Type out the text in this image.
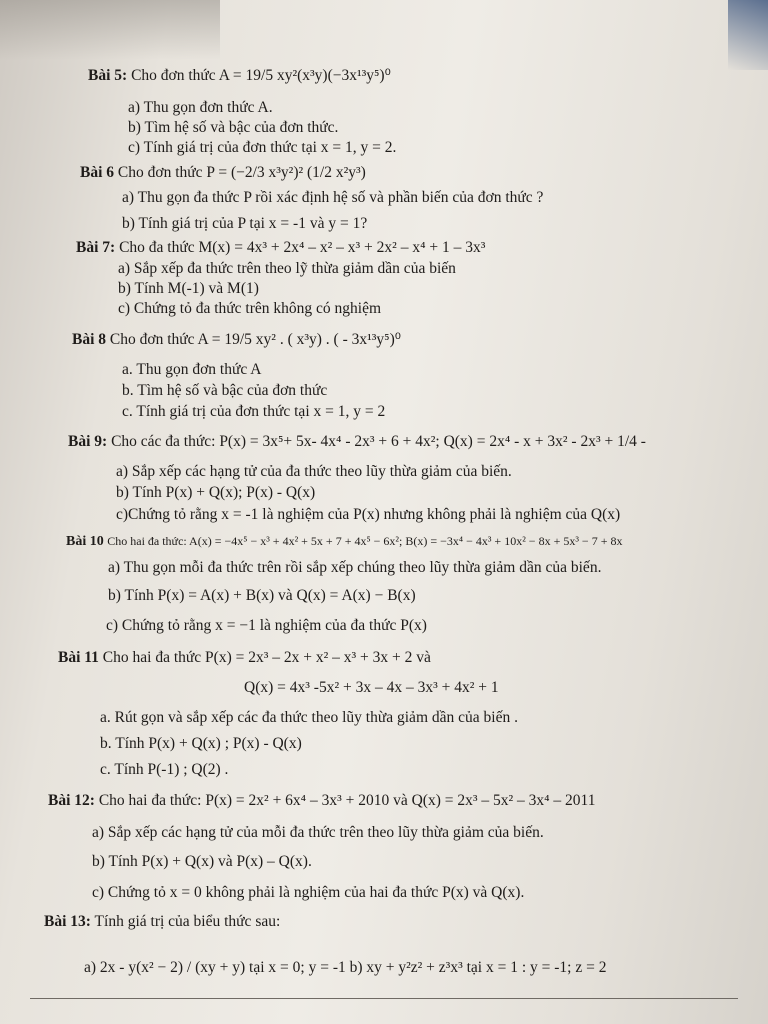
Bài 5: Cho đơn thức A = 19/5 xy²(x³y)(−3x¹³y⁵)⁰
a) Thu gọn đơn thức A.
b) Tìm hệ số và bậc của đơn thức.
c) Tính giá trị của đơn thức tại x = 1, y = 2.
Bài 6 Cho đơn thức P = (−2/3 x³y²)² (1/2 x²y³)
a) Thu gọn đa thức P rồi xác định hệ số và phần biến của đơn thức ?
b) Tính giá trị của P tại x = -1 và y = 1?
Bài 7: Cho đa thức M(x) = 4x³ + 2x⁴ – x² – x³ + 2x² – x⁴ + 1 – 3x³
a) Sắp xếp đa thức trên theo lỹ thừa giảm dần của biến
b) Tính M(-1) và M(1)
c) Chứng tỏ đa thức trên không có nghiệm
Bài 8 Cho đơn thức A = 19/5 xy² . ( x³y) . ( - 3x¹³y⁵)⁰
a. Thu gọn đơn thức A
b. Tìm hệ số và bậc của đơn thức
c. Tính giá trị của đơn thức tại x = 1, y = 2
Bài 9: Cho các đa thức: P(x) = 3x⁵+ 5x- 4x⁴ - 2x³ + 6 + 4x²; Q(x) = 2x⁴ - x + 3x² - 2x³ + 1/4 -
a) Sắp xếp các hạng tử của đa thức theo lũy thừa giảm của biến.
b) Tính P(x) + Q(x); P(x) - Q(x)
c)Chứng tỏ rằng x = -1 là nghiệm của P(x) nhưng không phải là nghiệm của Q(x)
Bài 10 Cho hai đa thức: A(x) = −4x⁵ − x³ + 4x² + 5x + 7 + 4x⁵ − 6x²; B(x) = −3x⁴ − 4x³ + 10x² − 8x + 5x³ − 7 + 8x
a) Thu gọn mỗi đa thức trên rồi sắp xếp chúng theo lũy thừa giảm dần của biến.
b) Tính P(x) = A(x) + B(x) và Q(x) = A(x) − B(x)
c) Chứng tỏ rằng x = −1 là nghiệm của đa thức P(x)
Bài 11 Cho hai đa thức P(x) = 2x³ – 2x + x² – x³ + 3x + 2 và
Q(x) = 4x³ -5x² + 3x – 4x – 3x³ + 4x² + 1
a. Rút gọn và sắp xếp các đa thức theo lũy thừa giảm dần của biến .
b. Tính P(x) + Q(x) ; P(x) - Q(x)
c. Tính P(-1) ; Q(2) .
Bài 12: Cho hai đa thức: P(x) = 2x² + 6x⁴ – 3x³ + 2010 và Q(x) = 2x³ – 5x² – 3x⁴ – 2011
a) Sắp xếp các hạng tử của mỗi đa thức trên theo lũy thừa giảm của biến.
b) Tính P(x) + Q(x) và P(x) – Q(x).
c) Chứng tỏ x = 0 không phải là nghiệm của hai đa thức P(x) và Q(x).
Bài 13: Tính giá trị của biểu thức sau:
a) 2x - y(x² − 2) / (xy + y) tại x = 0; y = -1 b) xy + y²z² + z³x³ tại x = 1 : y = -1; z = 2
